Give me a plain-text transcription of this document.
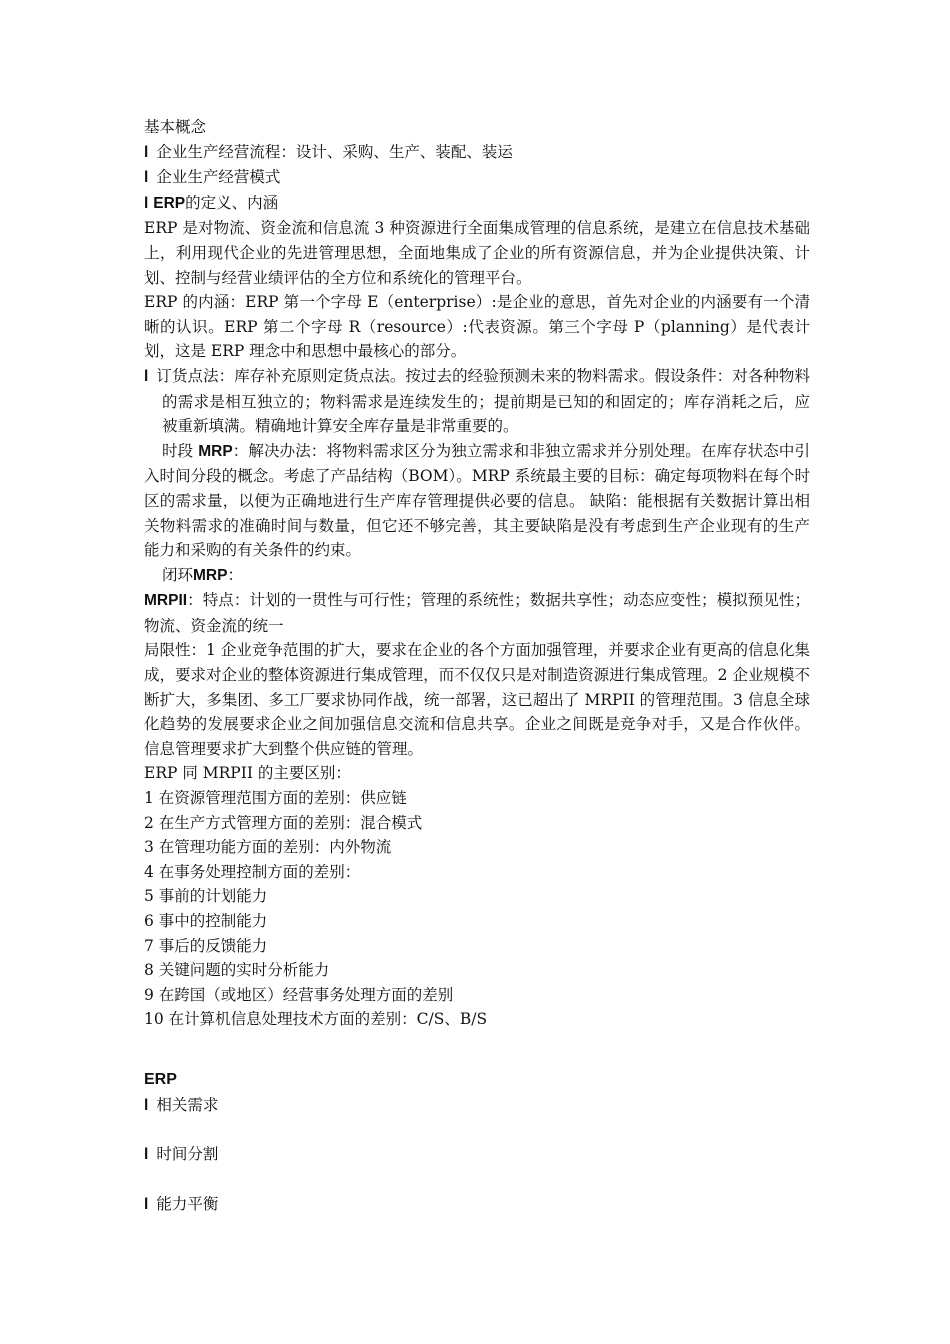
基本概念

l 企业生产经营流程：设计、采购、生产、装配、装运

l 企业生产经营模式

l ERP的定义、内涵

ERP 是对物流、资金流和信息流 3 种资源进行全面集成管理的信息系统，是建立在信息技术基础上，利用现代企业的先进管理思想，全面地集成了企业的所有资源信息，并为企业提供决策、计划、控制与经营业绩评估的全方位和系统化的管理平台。

ERP 的内涵：ERP 第一个字母 E（enterprise）:是企业的意思，首先对企业的内涵要有一个清晰的认识。ERP 第二个字母 R（resource）:代表资源。第三个字母 P（planning）是代表计划，这是 ERP 理念中和思想中最核心的部分。

l 订货点法：库存补充原则定货点法。按过去的经验预测未来的物料需求。假设条件：对各种物料的需求是相互独立的；物料需求是连续发生的；提前期是已知的和固定的；库存消耗之后，应被重新填满。精确地计算安全库存量是非常重要的。

时段 MRP：解决办法：将物料需求区分为独立需求和非独立需求并分别处理。在库存状态中引入时间分段的概念。考虑了产品结构（BOM）。MRP 系统最主要的目标：确定每项物料在每个时区的需求量，以便为正确地进行生产库存管理提供必要的信息。 缺陷：能根据有关数据计算出相关物料需求的准确时间与数量，但它还不够完善，其主要缺陷是没有考虑到生产企业现有的生产能力和采购的有关条件的约束。

闭环MRP：

MRPII：特点：计划的一贯性与可行性；管理的系统性；数据共享性；动态应变性；模拟预见性；物流、资金流的统一

局限性：1 企业竞争范围的扩大，要求在企业的各个方面加强管理，并要求企业有更高的信息化集成，要求对企业的整体资源进行集成管理，而不仅仅只是对制造资源进行集成管理。2 企业规模不断扩大，多集团、多工厂要求协同作战，统一部署，这已超出了 MRPII 的管理范围。3 信息全球化趋势的发展要求企业之间加强信息交流和信息共享。企业之间既是竞争对手，又是合作伙伴。信息管理要求扩大到整个供应链的管理。

ERP 同 MRPII 的主要区别：

1 在资源管理范围方面的差别：供应链

2 在生产方式管理方面的差别：混合模式

3 在管理功能方面的差别：内外物流

4 在事务处理控制方面的差别：

5 事前的计划能力

6 事中的控制能力

7 事后的反馈能力

8 关键问题的实时分析能力

9 在跨国（或地区）经营事务处理方面的差别

10 在计算机信息处理技术方面的差别：C/S、B/S

ERP

l 相关需求

l 时间分割

l 能力平衡
